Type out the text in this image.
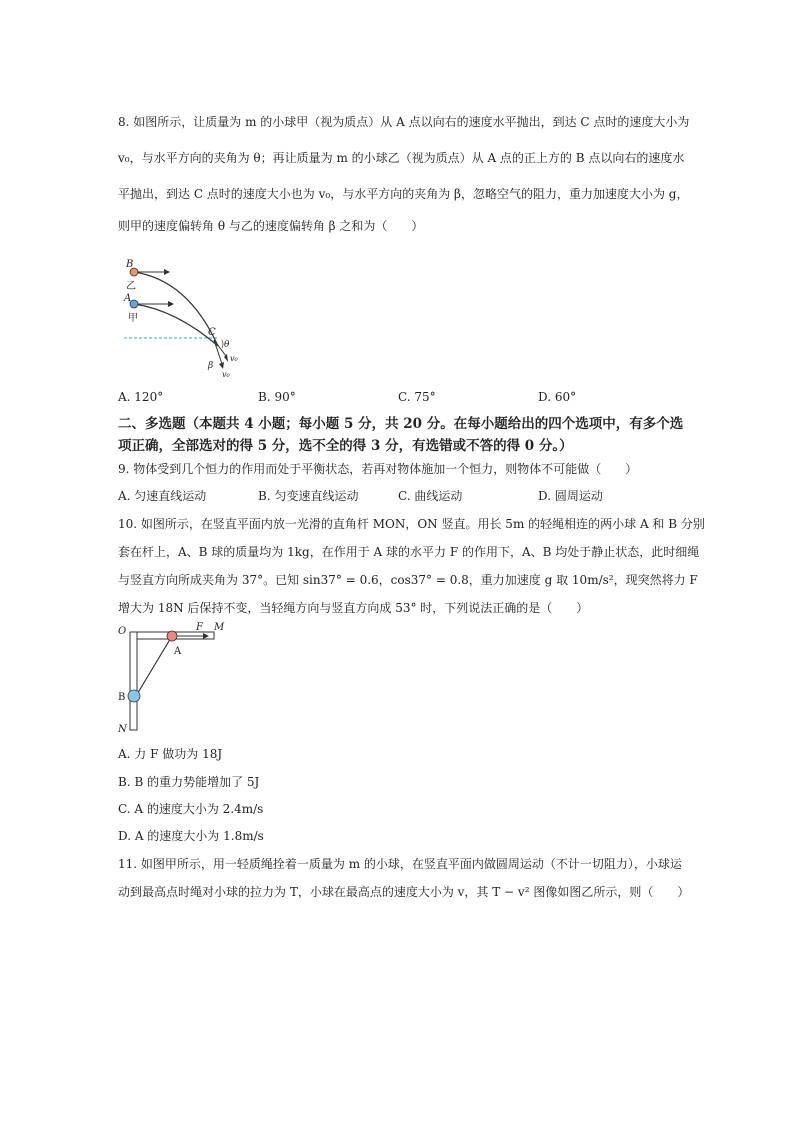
8. 如图所示，让质量为 m 的小球甲（视为质点）从 A 点以向右的速度水平抛出，到达 C 点时的速度大小为
v₀，与水平方向的夹角为 θ；再让质量为 m 的小球乙（视为质点）从 A 点的正上方的 B 点以向右的速度水
平抛出，到达 C 点时的速度大小也为 v₀，与水平方向的夹角为 β，忽略空气的阻力，重力加速度大小为 g，
则甲的速度偏转角 θ 与乙的速度偏转角 β 之和为（　　）
B
乙
A
甲
C
θ
β
v₀
v₀
A. 120°	B. 90°	C. 75°	D. 60°
二、多选题（本题共 4 小题；每小题 5 分，共 20 分。在每小题给出的四个选项中，有多个选
项正确，全部选对的得 5 分，选不全的得 3 分，有选错或不答的得 0 分。）
9. 物体受到几个恒力的作用而处于平衡状态，若再对物体施加一个恒力，则物体不可能做（　　）
A. 匀速直线运动	B. 匀变速直线运动	C. 曲线运动	D. 圆周运动
10. 如图所示，在竖直平面内放一光滑的直角杆 MON，ON 竖直。用长 5m 的轻绳相连的两小球 A 和 B 分别
套在杆上，A、B 球的质量均为 1kg，在作用于 A 球的水平力 F 的作用下，A、B 均处于静止状态，此时细绳
与竖直方向所成夹角为 37°。已知 sin37° = 0.6，cos37° = 0.8，重力加速度 g 取 10m/s²，现突然将力 F
增大为 18N 后保持不变，当轻绳方向与竖直方向成 53° 时，下列说法正确的是（　　）
O	F M
A
B
N
A. 力 F 做功为 18J
B. B 的重力势能增加了 5J
C. A 的速度大小为 2.4m/s
D. A 的速度大小为 1.8m/s
11. 如图甲所示，用一轻质绳拴着一质量为 m 的小球，在竖直平面内做圆周运动（不计一切阻力），小球运
动到最高点时绳对小球的拉力为 T，小球在最高点的速度大小为 v，其 T − v² 图像如图乙所示，则（　　）
